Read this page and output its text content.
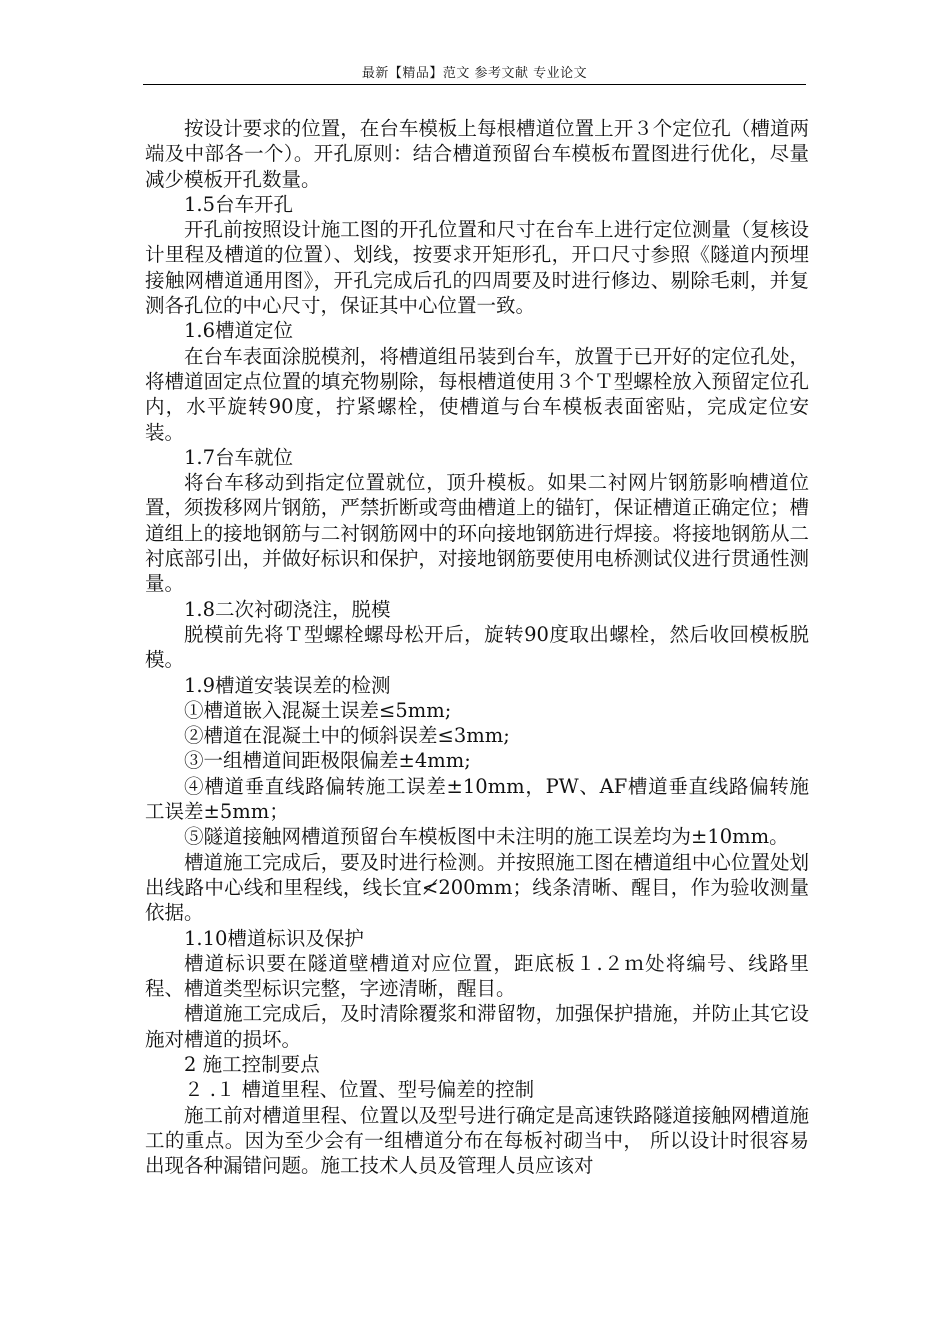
最新【精品】范文 参考文献 专业论文

按设计要求的位置，在台车模板上每根槽道位置上开３个定位孔（槽道两端及中部各一个）。开孔原则：结合槽道预留台车模板布置图进行优化，尽量减少模板开孔数量。

1.5台车开孔

开孔前按照设计施工图的开孔位置和尺寸在台车上进行定位测量（复核设计里程及槽道的位置）、划线，按要求开矩形孔，开口尺寸参照《隧道内预埋接触网槽道通用图》，开孔完成后孔的四周要及时进行修边、剔除毛刺，并复测各孔位的中心尺寸，保证其中心位置一致。

1.6槽道定位

在台车表面涂脱模剂，将槽道组吊装到台车，放置于已开好的定位孔处，将槽道固定点位置的填充物剔除，每根槽道使用３个Ｔ型螺栓放入预留定位孔内，水平旋转90度，拧紧螺栓，使槽道与台车模板表面密贴，完成定位安装。

1.7台车就位

将台车移动到指定位置就位，顶升模板。如果二衬网片钢筋影响槽道位置，须拨移网片钢筋，严禁折断或弯曲槽道上的锚钉，保证槽道正确定位；槽道组上的接地钢筋与二衬钢筋网中的环向接地钢筋进行焊接。将接地钢筋从二衬底部引出，并做好标识和保护，对接地钢筋要使用电桥测试仪进行贯通性测量。

1.8二次衬砌浇注，脱模

脱模前先将Ｔ型螺栓螺母松开后，旋转90度取出螺栓，然后收回模板脱模。

1.9槽道安装误差的检测

①槽道嵌入混凝土误差≤5mm;

②槽道在混凝土中的倾斜误差≤3mm;

③一组槽道间距极限偏差±4mm;

④槽道垂直线路偏转施工误差±10mm，PW、AF槽道垂直线路偏转施工误差±5mm；

⑤隧道接触网槽道预留台车模板图中未注明的施工误差均为±10mm。

槽道施工完成后，要及时进行检测。并按照施工图在槽道组中心位置处划出线路中心线和里程线，线长宜≮200mm；线条清晰、醒目，作为验收测量依据。

1.10槽道标识及保护

槽道标识要在隧道壁槽道对应位置，距底板１.２ｍ处将编号、线路里程、槽道类型标识完整，字迹清晰，醒目。

槽道施工完成后，及时清除覆浆和滞留物，加强保护措施，并防止其它设施对槽道的损坏。

2 施工控制要点

２ .１ 槽道里程、位置、型号偏差的控制

施工前对槽道里程、位置以及型号进行确定是高速铁路隧道接触网槽道施工的重点。因为至少会有一组槽道分布在每板衬砌当中， 所以设计时很容易出现各种漏错问题。施工技术人员及管理人员应该对
